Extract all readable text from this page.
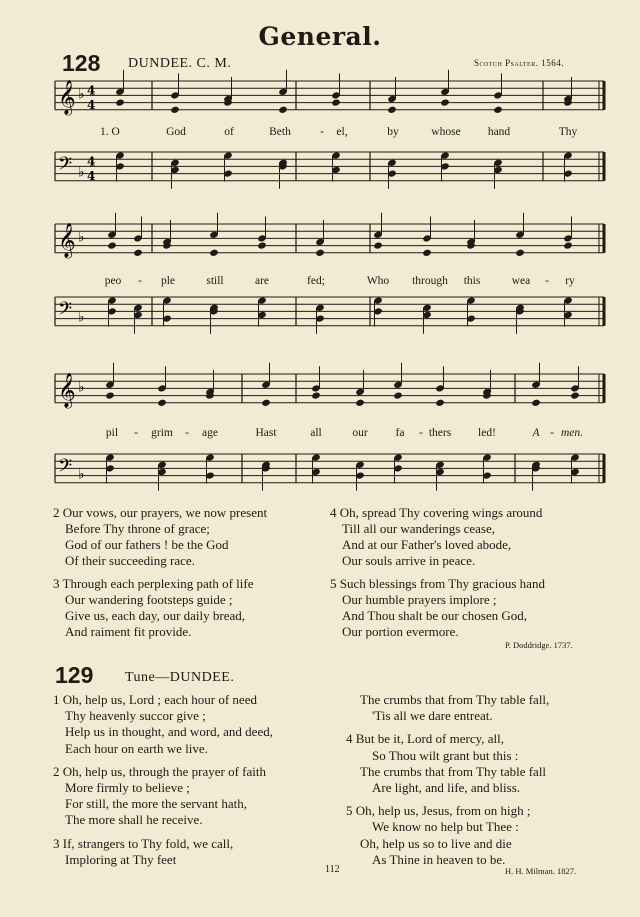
General.
128 DUNDEE. C. M.	Scotch Psalter. 1564.
𝄞 ♭ 4
4
𝄢 ♭
4
4
𝄞 ♭
𝄢 ♭
𝄞 ♭
𝄢 ♭
1. O	God	of	Beth	- el,	by	whose hand	Thy
peo - ple	still	are	fed;	Who through this	wea - ry
pil - grim - age	Hast	all	our fa - thers led!	A - men.
2 Our vows, our prayers, we now present
Before Thy throne of grace;
God of our fathers ! be the God
Of their succeeding race.
3 Through each perplexing path of life
Our wandering footsteps guide ;
Give us, each day, our daily bread,
And raiment fit provide.
4 Oh, spread Thy covering wings around
Till all our wanderings cease,
And at our Father's loved abode,
Our souls arrive in peace.
5 Such blessings from Thy gracious hand
Our humble prayers implore ;
And Thou shalt be our chosen God,
Our portion evermore.
P. Doddridge. 1737.
129 Tune—DUNDEE.
1 Oh, help us, Lord ; each hour of need
Thy heavenly succor give ;
Help us in thought, and word, and deed,
Each hour on earth we live.
2 Oh, help us, through the prayer of faith
More firmly to believe ;
For still, the more the servant hath,
The more shall he receive.
3 If, strangers to Thy fold, we call,
Imploring at Thy feet
The crumbs that from Thy table fall,
'Tis all we dare entreat.
4 But be it, Lord of mercy, all,
So Thou wilt grant but this :
The crumbs that from Thy table fall
Are light, and life, and bliss.
5 Oh, help us, Jesus, from on high ;
We know no help but Thee :
Oh, help us so to live and die
As Thine in heaven to be.
H. H. Milman. 1827.
112
